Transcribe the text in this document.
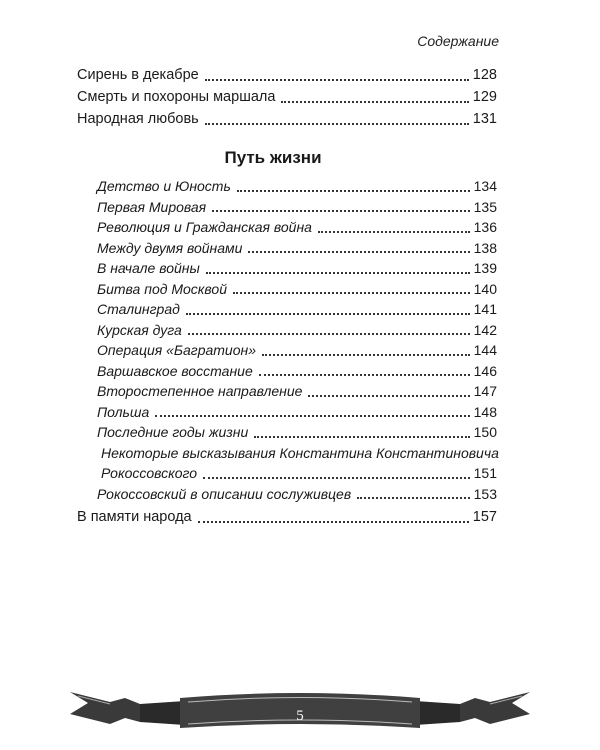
Содержание
Сирень в декабре	128
Смерть и похороны маршала	129
Народная любовь	131
Путь жизни
Детство и Юность	134
Первая Мировая	135
Революция и Гражданская война	136
Между двумя войнами	138
В начале войны	139
Битва под Москвой	140
Сталинград	141
Курская дуга	142
Операция «Багратион»	144
Варшавское восстание	146
Второстепенное направление	147
Польша	148
Последние годы жизни	150
Некоторые высказывания Константина Константиновича
Рокоссовского	151
Рокоссовский в описании сослуживцев	153
В памяти народа	157
5
